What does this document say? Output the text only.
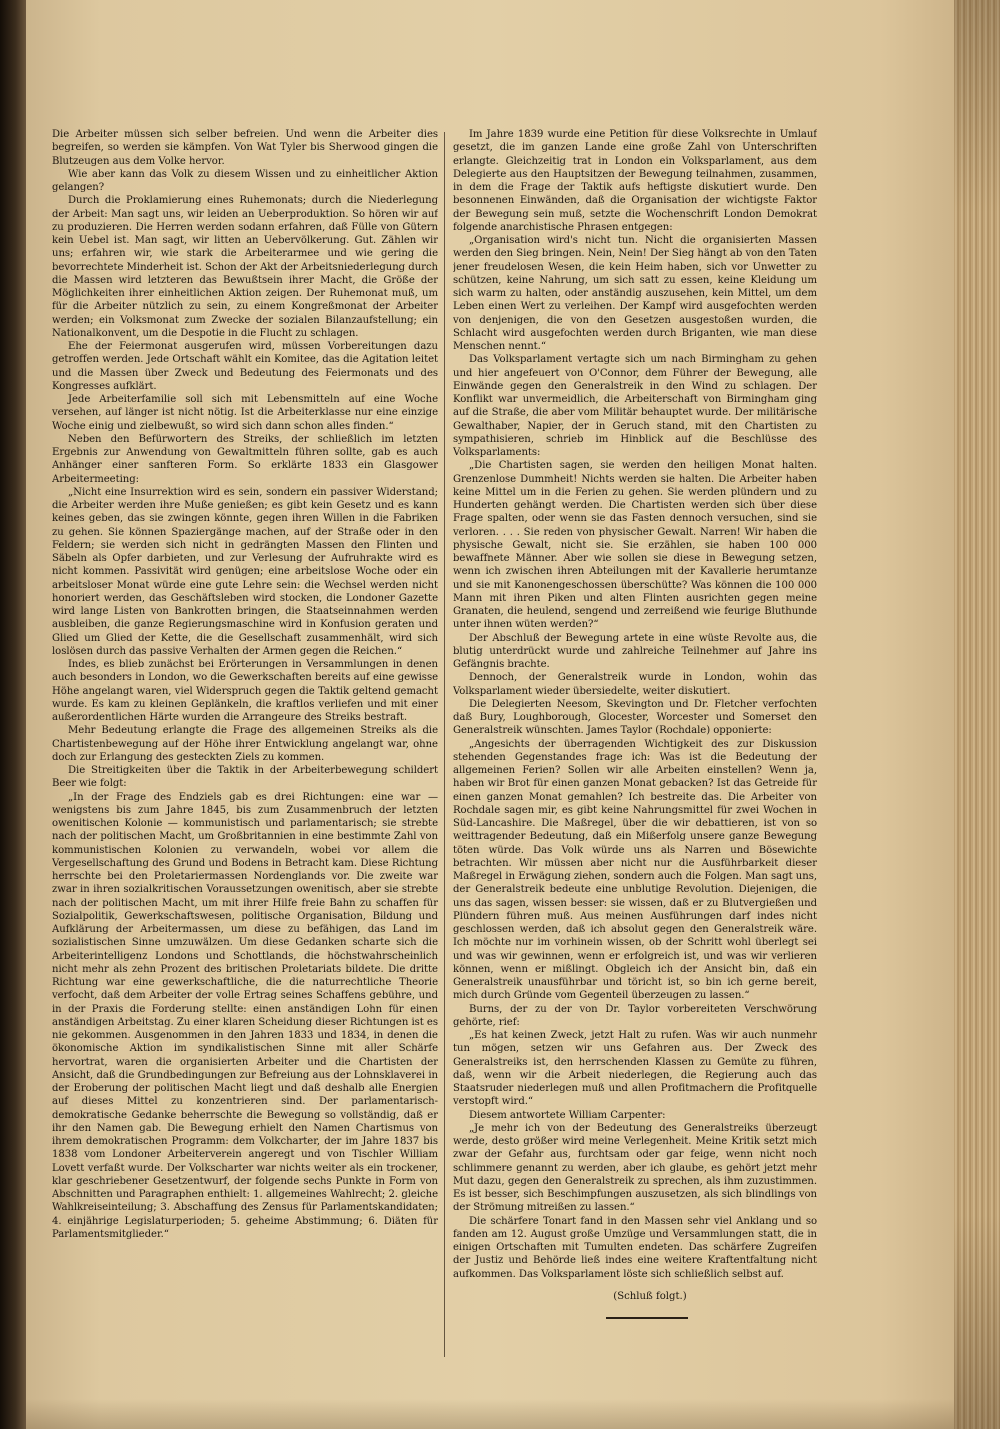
Die Arbeiter müssen sich selber befreien. Und wenn die Arbeiter dies begreifen, so werden sie kämpfen. Von Wat Tyler bis Sherwood gingen die Blutzeugen aus dem Volke hervor.

Wie aber kann das Volk zu diesem Wissen und zu einheitlicher Aktion gelangen?

Durch die Proklamierung eines Ruhemonats; durch die Niederlegung der Arbeit: Man sagt uns, wir leiden an Ueberproduktion. So hören wir auf zu produzieren. Die Herren werden sodann erfahren, daß Fülle von Gütern kein Uebel ist. Man sagt, wir litten an Uebervölkerung. Gut. Zählen wir uns; erfahren wir, wie stark die Arbeiterarmee und wie gering die bevorrechtete Minderheit ist. Schon der Akt der Arbeitsniederlegung durch die Massen wird letzteren das Bewußtsein ihrer Macht, die Größe der Möglichkeiten ihrer einheitlichen Aktion zeigen. Der Ruhemonat muß, um für die Arbeiter nützlich zu sein, zu einem Kongreßmonat der Arbeiter werden; ein Volksmonat zum Zwecke der sozialen Bilanzaufstellung; ein Nationalkonvent, um die Despotie in die Flucht zu schlagen.

Ehe der Feiermonat ausgerufen wird, müssen Vorbereitungen dazu getroffen werden. Jede Ortschaft wählt ein Komitee, das die Agitation leitet und die Massen über Zweck und Bedeutung des Feiermonats und des Kongresses aufklärt.

Jede Arbeiterfamilie soll sich mit Lebensmitteln auf eine Woche versehen, auf länger ist nicht nötig. Ist die Arbeiterklasse nur eine einzige Woche einig und zielbewußt, so wird sich dann schon alles finden.“

Neben den Befürwortern des Streiks, der schließlich im letzten Ergebnis zur Anwendung von Gewaltmitteln führen sollte, gab es auch Anhänger einer sanfteren Form. So erklärte 1833 ein Glasgower Arbeitermeeting:

„Nicht eine Insurrektion wird es sein, sondern ein passiver Widerstand; die Arbeiter werden ihre Muße genießen; es gibt kein Gesetz und es kann keines geben, das sie zwingen könnte, gegen ihren Willen in die Fabriken zu gehen. Sie können Spaziergänge machen, auf der Straße oder in den Feldern; sie werden sich nicht in gedrängten Massen den Flinten und Säbeln als Opfer darbieten, und zur Verlesung der Aufruhrakte wird es nicht kommen. Passivität wird genügen; eine arbeitslose Woche oder ein arbeitsloser Monat würde eine gute Lehre sein: die Wechsel werden nicht honoriert werden, das Geschäftsleben wird stocken, die Londoner Gazette wird lange Listen von Bankrotten bringen, die Staatseinnahmen werden ausbleiben, die ganze Regierungsmaschine wird in Konfusion geraten und Glied um Glied der Kette, die die Gesellschaft zusammenhält, wird sich loslösen durch das passive Verhalten der Armen gegen die Reichen.“

Indes, es blieb zunächst bei Erörterungen in Versammlungen in denen auch besonders in London, wo die Gewerkschaften bereits auf eine gewisse Höhe angelangt waren, viel Widerspruch gegen die Taktik geltend gemacht wurde. Es kam zu kleinen Geplänkeln, die kraftlos verliefen und mit einer außerordentlichen Härte wurden die Arrangeure des Streiks bestraft.

Mehr Bedeutung erlangte die Frage des allgemeinen Streiks als die Chartistenbewegung auf der Höhe ihrer Entwicklung angelangt war, ohne doch zur Erlangung des gesteckten Ziels zu kommen.

Die Streitigkeiten über die Taktik in der Arbeiterbewegung schildert Beer wie folgt:

„In der Frage des Endziels gab es drei Richtungen: eine war — wenigstens bis zum Jahre 1845, bis zum Zusammenbruch der letzten owenitischen Kolonie — kommunistisch und parlamentarisch; sie strebte nach der politischen Macht, um Großbritannien in eine bestimmte Zahl von kommunistischen Kolonien zu verwandeln, wobei vor allem die Vergesellschaftung des Grund und Bodens in Betracht kam. Diese Richtung herrschte bei den Proletariermassen Nordenglands vor. Die zweite war zwar in ihren sozialkritischen Voraussetzungen owenitisch, aber sie strebte nach der politischen Macht, um mit ihrer Hilfe freie Bahn zu schaffen für Sozialpolitik, Gewerkschaftswesen, politische Organisation, Bildung und Aufklärung der Arbeitermassen, um diese zu befähigen, das Land im sozialistischen Sinne umzuwälzen. Um diese Gedanken scharte sich die Arbeiterintelligenz Londons und Schottlands, die höchstwahrscheinlich nicht mehr als zehn Prozent des britischen Proletariats bildete. Die dritte Richtung war eine gewerkschaftliche, die die naturrechtliche Theorie verfocht, daß dem Arbeiter der volle Ertrag seines Schaffens gebühre, und in der Praxis die Forderung stellte: einen anständigen Lohn für einen anständigen Arbeitstag. Zu einer klaren Scheidung dieser Richtungen ist es nie gekommen. Ausgenommen in den Jahren 1833 und 1834, in denen die ökonomische Aktion im syndikalistischen Sinne mit aller Schärfe hervortrat, waren die organisierten Arbeiter und die Chartisten der Ansicht, daß die Grundbedingungen zur Befreiung aus der Lohnsklaverei in der Eroberung der politischen Macht liegt und daß deshalb alle Energien auf dieses Mittel zu konzentrieren sind. Der parlamentarisch-demokratische Gedanke beherrschte die Bewegung so vollständig, daß er ihr den Namen gab. Die Bewegung erhielt den Namen Chartismus von ihrem demokratischen Programm: dem Volkcharter, der im Jahre 1837 bis 1838 vom Londoner Arbeiterverein angeregt und von Tischler William Lovett verfaßt wurde. Der Volkscharter war nichts weiter als ein trockener, klar geschriebener Gesetzentwurf, der folgende sechs Punkte in Form von Abschnitten und Paragraphen enthielt: 1. allgemeines Wahlrecht; 2. gleiche Wahlkreiseinteilung; 3. Abschaffung des Zensus für Parlamentskandidaten; 4. einjährige Legislaturperioden; 5. geheime Abstimmung; 6. Diäten für Parlamentsmitglieder.“

Im Jahre 1839 wurde eine Petition für diese Volksrechte in Umlauf gesetzt, die im ganzen Lande eine große Zahl von Unterschriften erlangte. Gleichzeitig trat in London ein Volksparlament, aus dem Delegierte aus den Hauptsitzen der Bewegung teilnahmen, zusammen, in dem die Frage der Taktik aufs heftigste diskutiert wurde. Den besonnenen Einwänden, daß die Organisation der wichtigste Faktor der Bewegung sein muß, setzte die Wochenschrift London Demokrat folgende anarchistische Phrasen entgegen:

„Organisation wird's nicht tun. Nicht die organisierten Massen werden den Sieg bringen. Nein, Nein! Der Sieg hängt ab von den Taten jener freudelosen Wesen, die kein Heim haben, sich vor Unwetter zu schützen, keine Nahrung, um sich satt zu essen, keine Kleidung um sich warm zu halten, oder anständig auszusehen, kein Mittel, um dem Leben einen Wert zu verleihen. Der Kampf wird ausgefochten werden von denjenigen, die von den Gesetzen ausgestoßen wurden, die Schlacht wird ausgefochten werden durch Briganten, wie man diese Menschen nennt.“

Das Volksparlament vertagte sich um nach Birmingham zu gehen und hier angefeuert von O'Connor, dem Führer der Bewegung, alle Einwände gegen den Generalstreik in den Wind zu schlagen. Der Konflikt war unvermeidlich, die Arbeiterschaft von Birmingham ging auf die Straße, die aber vom Militär behauptet wurde. Der militärische Gewalthaber, Napier, der in Geruch stand, mit den Chartisten zu sympathisieren, schrieb im Hinblick auf die Beschlüsse des Volksparlaments:

„Die Chartisten sagen, sie werden den heiligen Monat halten. Grenzenlose Dummheit! Nichts werden sie halten. Die Arbeiter haben keine Mittel um in die Ferien zu gehen. Sie werden plündern und zu Hunderten gehängt werden. Die Chartisten werden sich über diese Frage spalten, oder wenn sie das Fasten dennoch versuchen, sind sie verloren. . . . Sie reden von physischer Gewalt. Narren! Wir haben die physische Gewalt, nicht sie. Sie erzählen, sie haben 100 000 bewaffnete Männer. Aber wie sollen sie diese in Bewegung setzen, wenn ich zwischen ihren Abteilungen mit der Kavallerie herumtanze und sie mit Kanonengeschossen überschütte? Was können die 100 000 Mann mit ihren Piken und alten Flinten ausrichten gegen meine Granaten, die heulend, sengend und zerreißend wie feurige Bluthunde unter ihnen wüten werden?“

Der Abschluß der Bewegung artete in eine wüste Revolte aus, die blutig unterdrückt wurde und zahlreiche Teilnehmer auf Jahre ins Gefängnis brachte.

Dennoch, der Generalstreik wurde in London, wohin das Volksparlament wieder übersiedelte, weiter diskutiert.

Die Delegierten Neesom, Skevington und Dr. Fletcher verfochten daß Bury, Loughborough, Glocester, Worcester und Somerset den Generalstreik wünschten. James Taylor (Rochdale) opponierte:

„Angesichts der überragenden Wichtigkeit des zur Diskussion stehenden Gegenstandes frage ich: Was ist die Bedeutung der allgemeinen Ferien? Sollen wir alle Arbeiten einstellen? Wenn ja, haben wir Brot für einen ganzen Monat gebacken? Ist das Getreide für einen ganzen Monat gemahlen? Ich bestreite das. Die Arbeiter von Rochdale sagen mir, es gibt keine Nahrungsmittel für zwei Wochen in Süd-Lancashire. Die Maßregel, über die wir debattieren, ist von so weittragender Bedeutung, daß ein Mißerfolg unsere ganze Bewegung töten würde. Das Volk würde uns als Narren und Bösewichte betrachten. Wir müssen aber nicht nur die Ausführbarkeit dieser Maßregel in Erwägung ziehen, sondern auch die Folgen. Man sagt uns, der Generalstreik bedeute eine unblutige Revolution. Diejenigen, die uns das sagen, wissen besser: sie wissen, daß er zu Blutvergießen und Plündern führen muß. Aus meinen Ausführungen darf indes nicht geschlossen werden, daß ich absolut gegen den Generalstreik wäre. Ich möchte nur im vorhinein wissen, ob der Schritt wohl überlegt sei und was wir gewinnen, wenn er erfolgreich ist, und was wir verlieren können, wenn er mißlingt. Obgleich ich der Ansicht bin, daß ein Generalstreik unausführbar und töricht ist, so bin ich gerne bereit, mich durch Gründe vom Gegenteil überzeugen zu lassen.“

Burns, der zu der von Dr. Taylor vorbereiteten Verschwörung gehörte, rief:

„Es hat keinen Zweck, jetzt Halt zu rufen. Was wir auch nunmehr tun mögen, setzen wir uns Gefahren aus. Der Zweck des Generalstreiks ist, den herrschenden Klassen zu Gemüte zu führen, daß, wenn wir die Arbeit niederlegen, die Regierung auch das Staatsruder niederlegen muß und allen Profitmachern die Profitquelle verstopft wird.“

Diesem antwortete William Carpenter:

„Je mehr ich von der Bedeutung des Generalstreiks überzeugt werde, desto größer wird meine Verlegenheit. Meine Kritik setzt mich zwar der Gefahr aus, furchtsam oder gar feige, wenn nicht noch schlimmere genannt zu werden, aber ich glaube, es gehört jetzt mehr Mut dazu, gegen den Generalstreik zu sprechen, als ihm zuzustimmen. Es ist besser, sich Beschimpfungen auszusetzen, als sich blindlings von der Strömung mitreißen zu lassen.“

Die schärfere Tonart fand in den Massen sehr viel Anklang und so fanden am 12. August große Umzüge und Versammlungen statt, die in einigen Ortschaften mit Tumulten endeten. Das schärfere Zugreifen der Justiz und Behörde ließ indes eine weitere Kraftentfaltung nicht aufkommen. Das Volksparlament löste sich schließlich selbst auf.

(Schluß folgt.)
